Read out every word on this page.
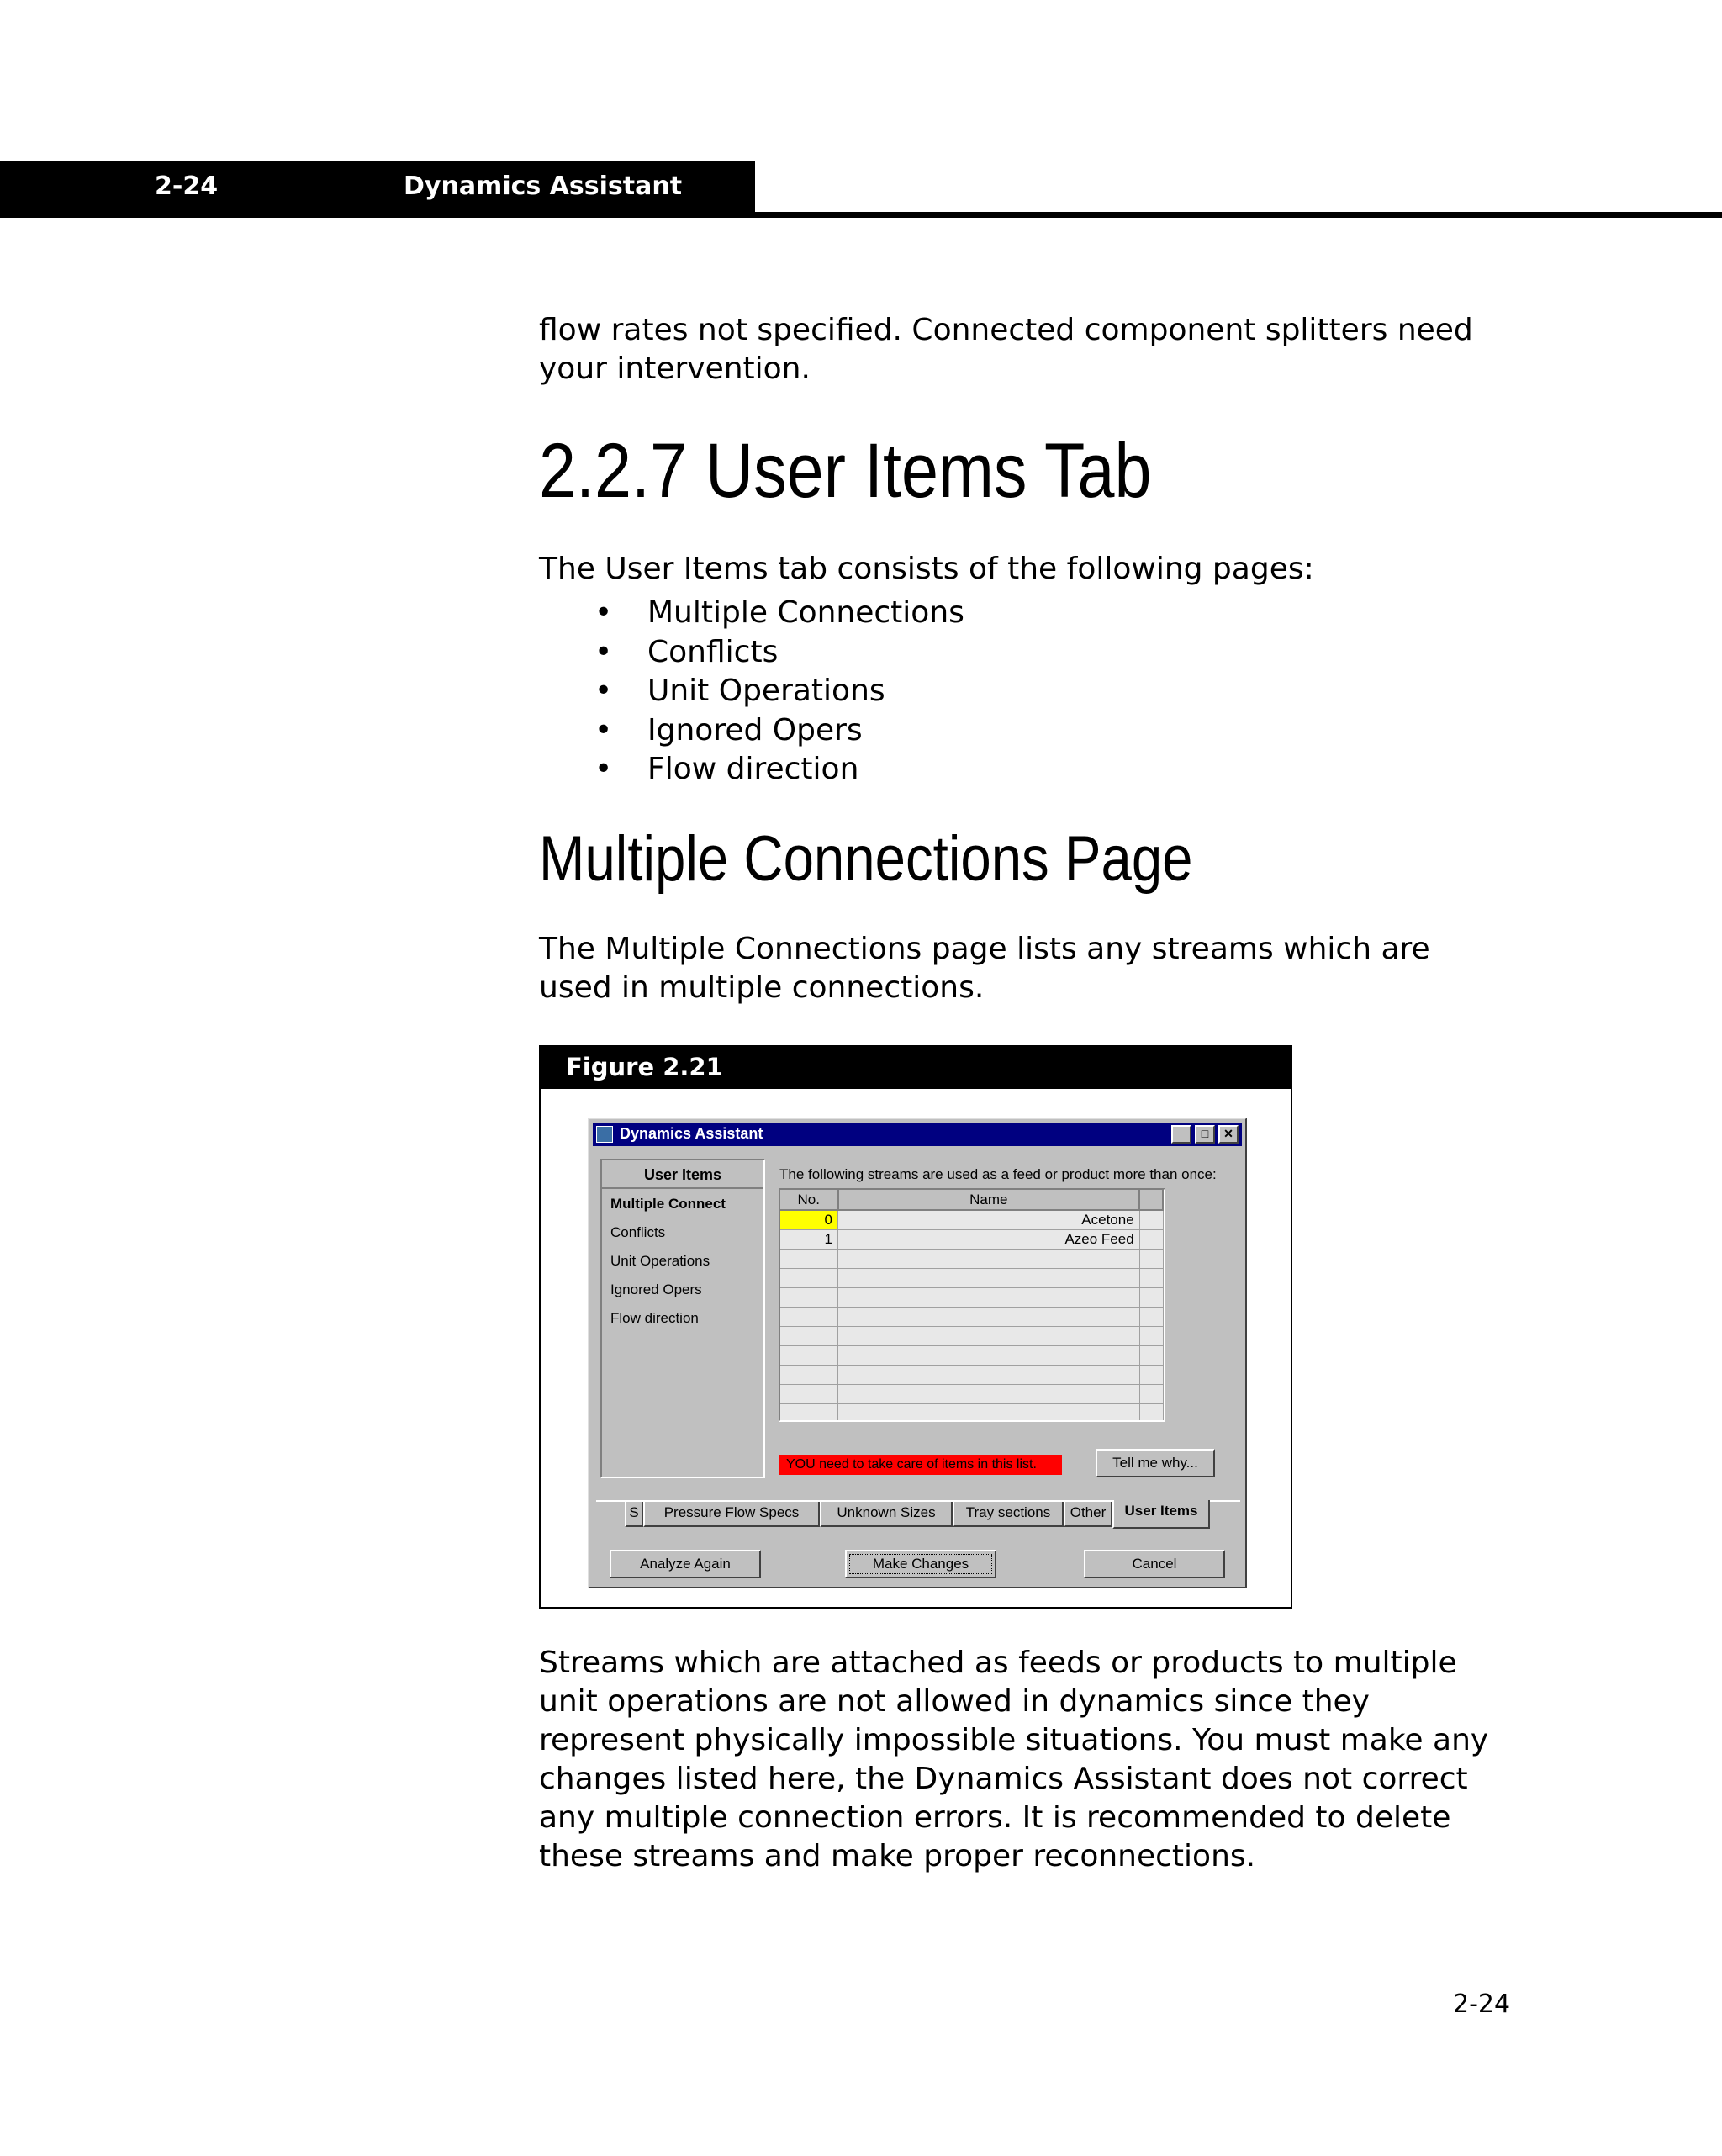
2-24	Dynamics Assistant
flow rates not specified. Connected component splitters need your intervention.
2.2.7 User Items Tab
The User Items tab consists of the following pages:
• Multiple Connections
• Conflicts
• Unit Operations
• Ignored Opers
• Flow direction
Multiple Connections Page
The Multiple Connections page lists any streams which are used in multiple connections.
Figure 2.21
Dynamics Assistant	_	□	✕
User Items
Multiple Connect
Conflicts
Unit Operations
Ignored Opers
Flow direction
The following streams are used as a feed or product more than once:
No.	Name	
0	Acetone	
1	Azeo Feed	

YOU need to take care of items in this list.	Tell me why...
S	Pressure Flow Specs	Unknown Sizes	Tray sections	Other	User Items
Analyze Again	Make Changes	Cancel
Streams which are attached as feeds or products to multiple unit operations are not allowed in dynamics since they represent physically impossible situations. You must make any changes listed here, the Dynamics Assistant does not correct any multiple connection errors. It is recommended to delete these streams and make proper reconnections.
2-24
